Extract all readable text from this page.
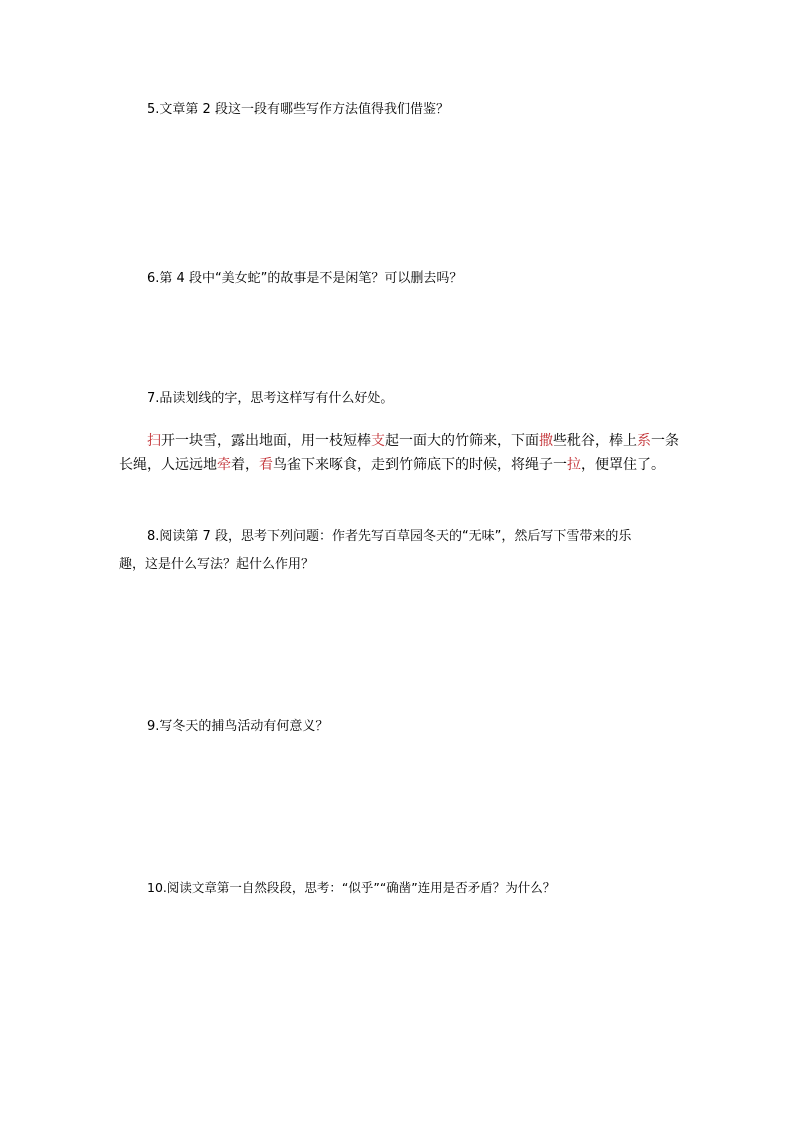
5.文章第 2 段这一段有哪些写作方法值得我们借鉴？

6.第 4 段中“美女蛇”的故事是不是闲笔？可以删去吗？

7.品读划线的字，思考这样写有什么好处。

扫开一块雪，露出地面，用一枝短棒支起一面大的竹筛来，下面撒些秕谷，棒上系一条
长绳，人远远地牵着，看鸟雀下来啄食，走到竹筛底下的时候，将绳子一拉，便罩住了。
8.阅读第 7 段，思考下列问题：作者先写百草园冬天的“无味”，然后写下雪带来的乐
趣，这是什么写法？起什么作用？

9.写冬天的捕鸟活动有何意义？

10.阅读文章第一自然段段，思考：“似乎”“确凿”连用是否矛盾？为什么？
